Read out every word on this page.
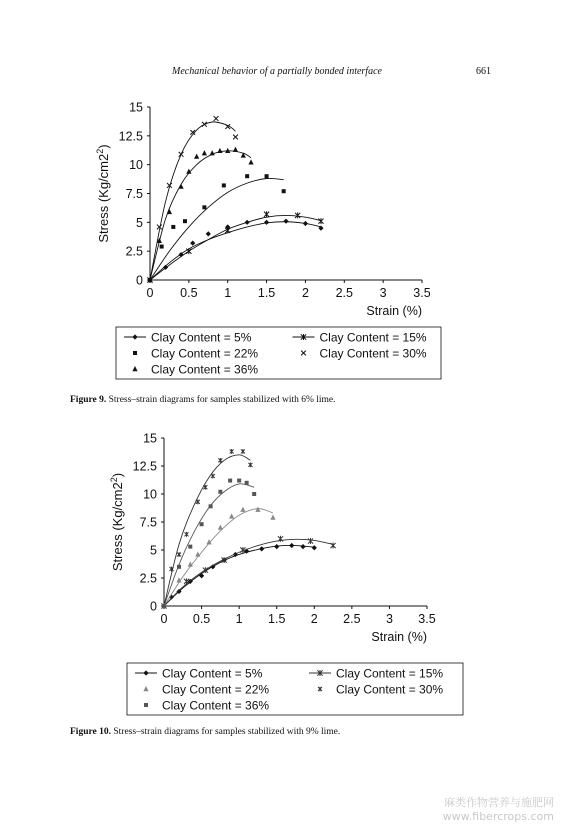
Mechanical behavior of a partially bonded interface	661
0 0.5 1 1.5 2 2.5 3 3.5
0
2.5
5
7.5
10
12.5
15
Strain (%)
Stress $(Kg/cm2^2)$
Clay Content = 5%	Clay Content = 15%
Clay Content = 22%	Clay Content = 30%
Clay Content = 36%
Figure 9. Stress–strain diagrams for samples stabilized with 6% lime.
0 0.5 1 1.5 2 2.5 3 3.5
0
2.5
5
7.5
10
12.5
15
Strain (%)
Stress $(Kg/cm2^2)$
Clay Content = 5%	Clay Content = 15%
Clay Content = 22%	Clay Content = 30%
Clay Content = 36%
Figure 10. Stress–strain diagrams for samples stabilized with 9% lime.
麻类作物营养与施肥网
www.fibercrops.com
